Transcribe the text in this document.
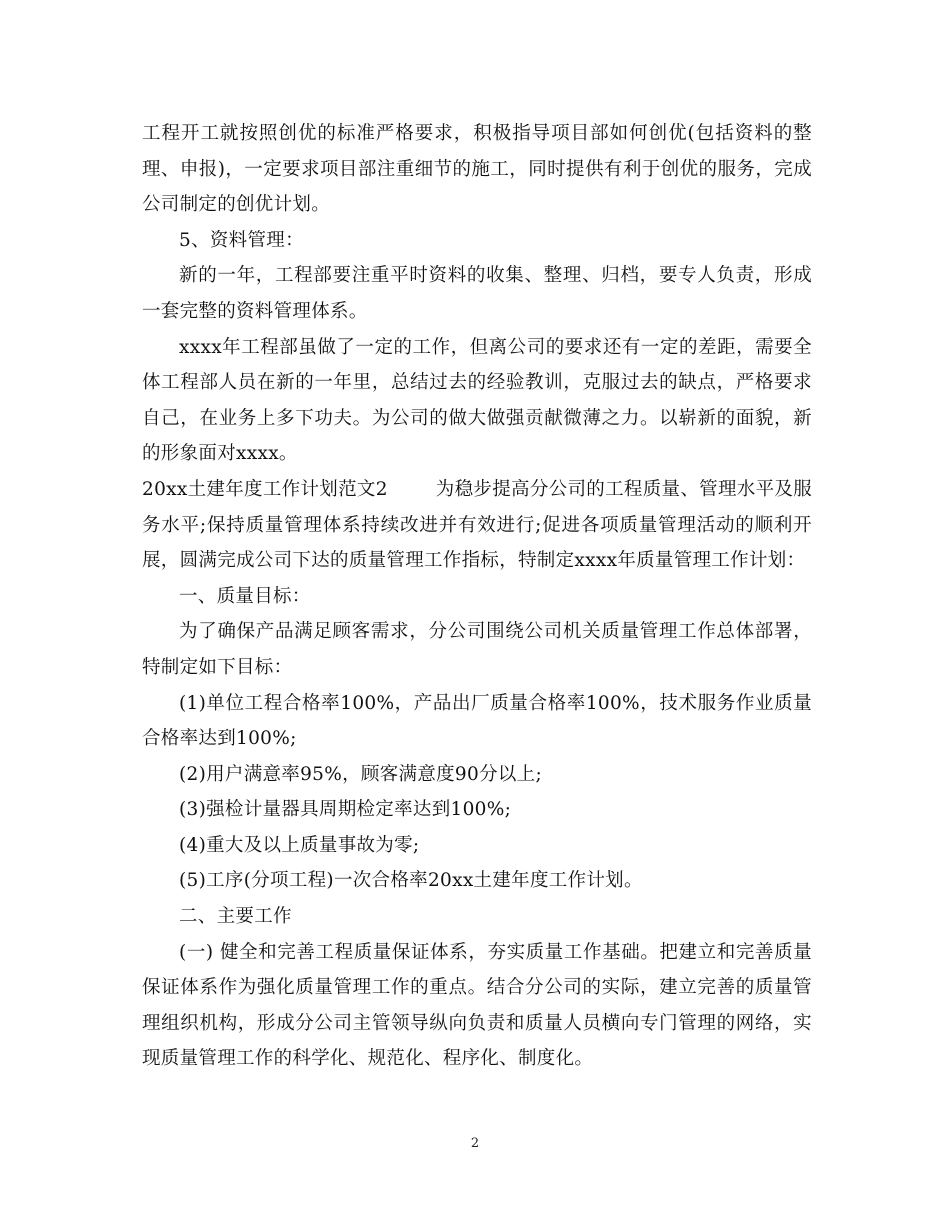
工程开工就按照创优的标准严格要求，积极指导项目部如何创优(包括资料的整理、申报)，一定要求项目部注重细节的施工，同时提供有利于创优的服务，完成公司制定的创优计划。

5、资料管理：

新的一年，工程部要注重平时资料的收集、整理、归档，要专人负责，形成一套完整的资料管理体系。

xxxx年工程部虽做了一定的工作，但离公司的要求还有一定的差距，需要全体工程部人员在新的一年里，总结过去的经验教训，克服过去的缺点，严格要求自己，在业务上多下功夫。为公司的做大做强贡献微薄之力。以崭新的面貌，新的形象面对xxxx。

20xx土建年度工作计划范文2	为稳步提高分公司的工程质量、管理水平及服务水平;保持质量管理体系持续改进并有效进行;促进各项质量管理活动的顺利开展，圆满完成公司下达的质量管理工作指标，特制定xxxx年质量管理工作计划：

一、质量目标：

为了确保产品满足顾客需求，分公司围绕公司机关质量管理工作总体部署，特制定如下目标：

(1)单位工程合格率100%，产品出厂质量合格率100%，技术服务作业质量合格率达到100%;

(2)用户满意率95%，顾客满意度90分以上;

(3)强检计量器具周期检定率达到100%;

(4)重大及以上质量事故为零;

(5)工序(分项工程)一次合格率20xx土建年度工作计划。

二、主要工作

(一) 健全和完善工程质量保证体系，夯实质量工作基础。把建立和完善质量保证体系作为强化质量管理工作的重点。结合分公司的实际，建立完善的质量管理组织机构，形成分公司主管领导纵向负责和质量人员横向专门管理的网络，实现质量管理工作的科学化、规范化、程序化、制度化。

2
